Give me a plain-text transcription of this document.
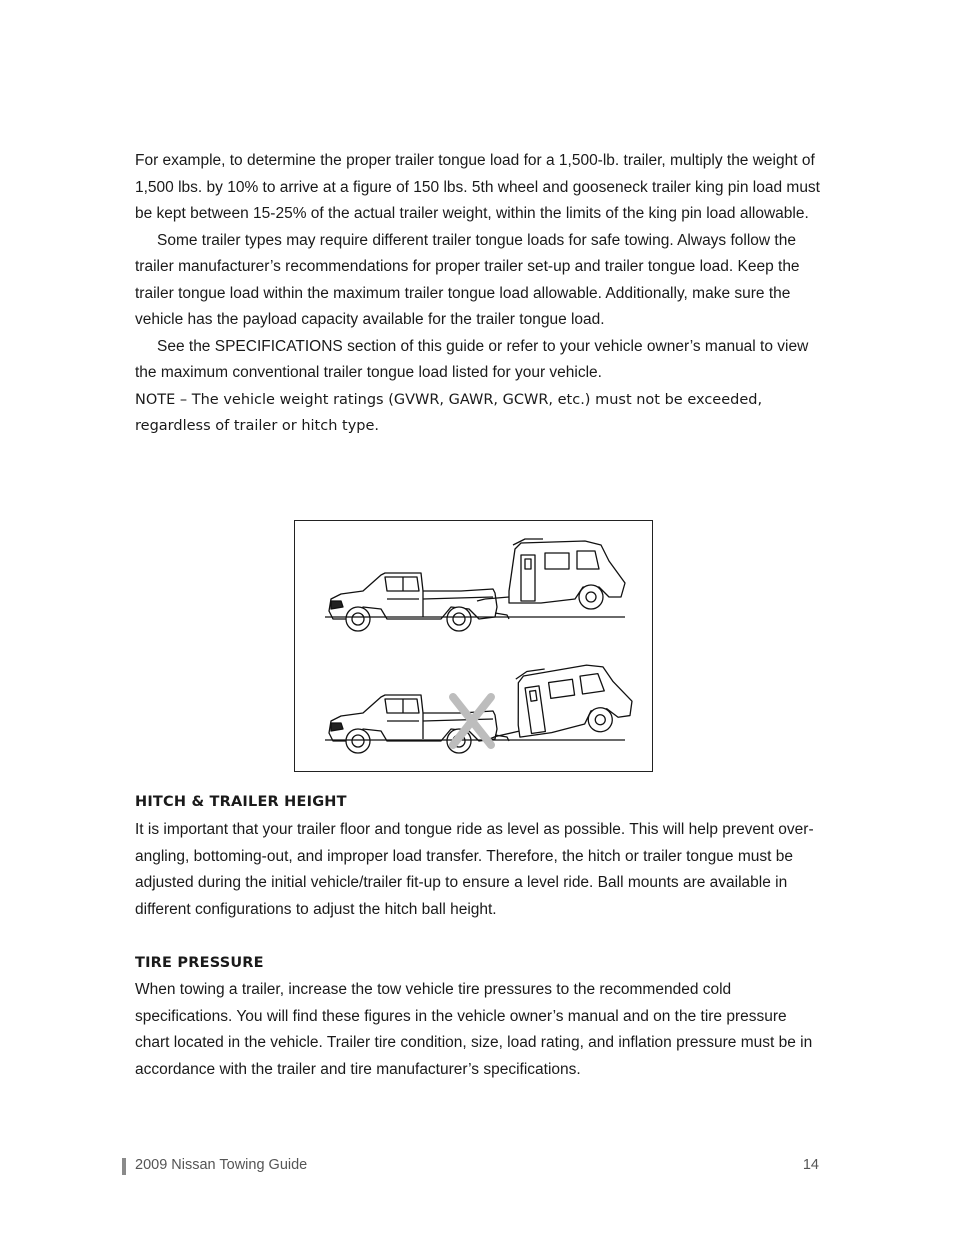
For example, to determine the proper trailer tongue load for a 1,500-lb. trailer, multiply the weight of 1,500 lbs. by 10% to arrive at a figure of 150 lbs. 5th wheel and gooseneck trailer king pin load must be kept between 15-25% of the actual trailer weight, within the limits of the king pin load allowable.

Some trailer types may require different trailer tongue loads for safe towing. Always follow the trailer manufacturer’s recommendations for proper trailer set-up and trailer tongue load. Keep the trailer tongue load within the maximum trailer tongue load allowable. Additionally, make sure the vehicle has the payload capacity available for the trailer tongue load.

See the SPECIFICATIONS section of this guide or refer to your vehicle owner’s manual to view the maximum conventional trailer tongue load listed for your vehicle.

NOTE – The vehicle weight ratings (GVWR, GAWR, GCWR, etc.) must not be exceeded, regardless of trailer or hitch type.

HITCH & TRAILER HEIGHT

It is important that your trailer floor and tongue ride as level as possible. This will help prevent over-angling, bottoming-out, and improper load transfer. Therefore, the hitch or trailer tongue must be adjusted during the initial vehicle/trailer fit-up to ensure a level ride. Ball mounts are available in different configurations to adjust the hitch ball height.

TIRE PRESSURE

When towing a trailer, increase the tow vehicle tire pressures to the recommended cold specifications. You will find these figures in the vehicle owner’s manual and on the tire pressure chart located in the vehicle. Trailer tire condition, size, load rating, and inflation pressure must be in accordance with the trailer and tire manufacturer’s specifications.

2009 Nissan Towing Guide	14
